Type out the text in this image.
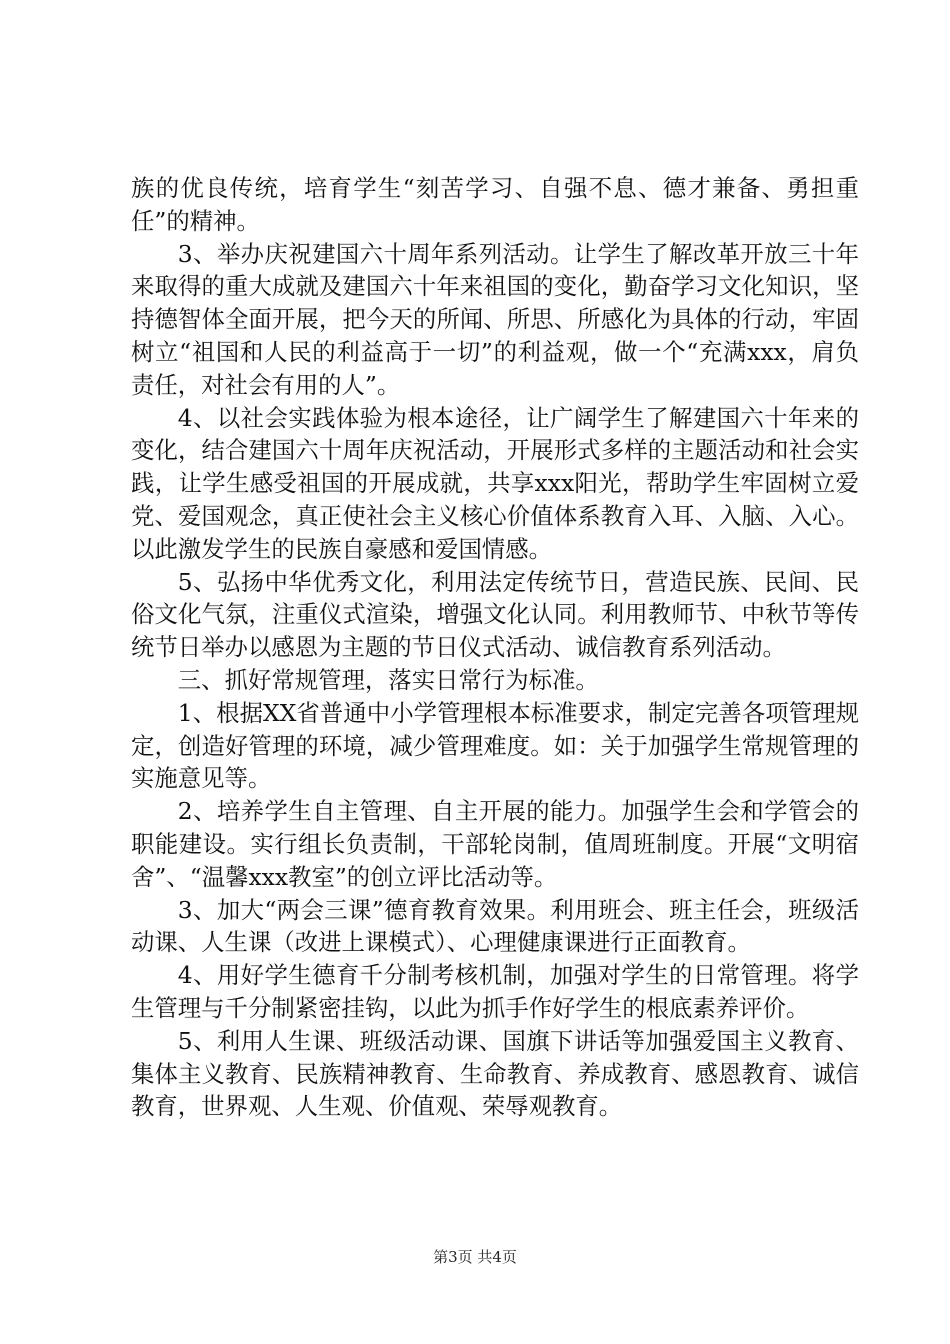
族的优良传统，培育学生“刻苦学习、自强不息、德才兼备、勇担重任”的精神。

3、举办庆祝建国六十周年系列活动。让学生了解改革开放三十年来取得的重大成就及建国六十年来祖国的变化，勤奋学习文化知识，坚持德智体全面开展，把今天的所闻、所思、所感化为具体的行动，牢固树立“祖国和人民的利益高于一切”的利益观，做一个“充满xxx，肩负责任，对社会有用的人”。

4、以社会实践体验为根本途径，让广阔学生了解建国六十年来的变化，结合建国六十周年庆祝活动，开展形式多样的主题活动和社会实践，让学生感受祖国的开展成就，共享xxx阳光，帮助学生牢固树立爱党、爱国观念，真正使社会主义核心价值体系教育入耳、入脑、入心。以此激发学生的民族自豪感和爱国情感。

5、弘扬中华优秀文化，利用法定传统节日，营造民族、民间、民俗文化气氛，注重仪式渲染，增强文化认同。利用教师节、中秋节等传统节日举办以感恩为主题的节日仪式活动、诚信教育系列活动。

三、抓好常规管理，落实日常行为标准。

1、根据XX省普通中小学管理根本标准要求，制定完善各项管理规定，创造好管理的环境，减少管理难度。如：关于加强学生常规管理的实施意见等。

2、培养学生自主管理、自主开展的能力。加强学生会和学管会的职能建设。实行组长负责制，干部轮岗制，值周班制度。开展“文明宿舍”、“温馨xxx教室”的创立评比活动等。

3、加大“两会三课”德育教育效果。利用班会、班主任会，班级活动课、人生课（改进上课模式）、心理健康课进行正面教育。

4、用好学生德育千分制考核机制，加强对学生的日常管理。将学生管理与千分制紧密挂钩，以此为抓手作好学生的根底素养评价。

5、利用人生课、班级活动课、国旗下讲话等加强爱国主义教育、集体主义教育、民族精神教育、生命教育、养成教育、感恩教育、诚信教育，世界观、人生观、价值观、荣辱观教育。

第3页 共4页
